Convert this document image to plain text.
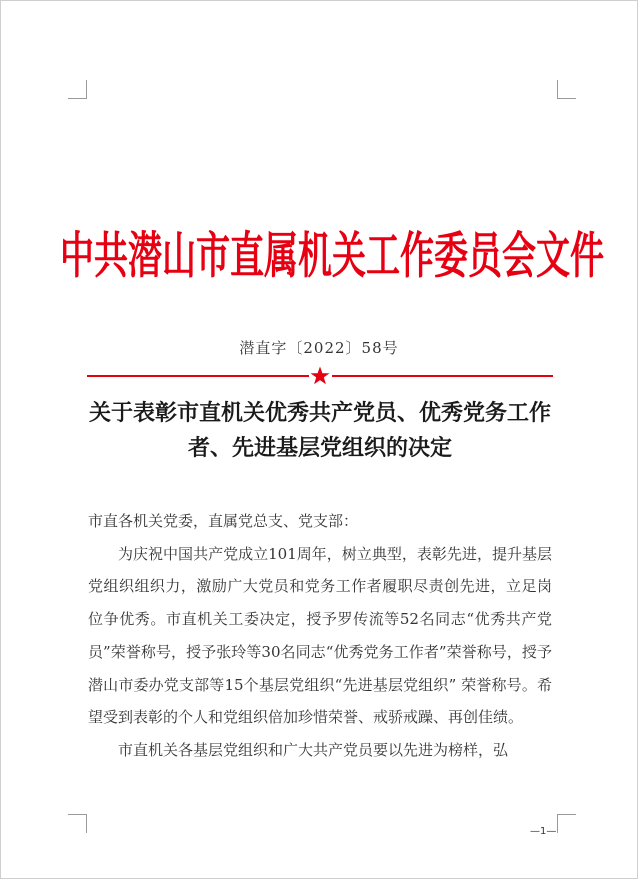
中共潜山市直属机关工作委员会文件
潜直字〔2022〕58号
关于表彰市直机关优秀共产党员、优秀党务工作者、先进基层党组织的决定

市直各机关党委，直属党总支、党支部：

为庆祝中国共产党成立101周年，树立典型，表彰先进，提升基层党组织组织力，激励广大党员和党务工作者履职尽责创先进，立足岗位争优秀。市直机关工委决定，授予罗传流等52名同志“优秀共产党员”荣誉称号，授予张玲等30名同志“优秀党务工作者”荣誉称号，授予潜山市委办党支部等15个基层党组织“先进基层党组织” 荣誉称号。希望受到表彰的个人和党组织倍加珍惜荣誉、戒骄戒躁、再创佳绩。

市直机关各基层党组织和广大共产党员要以先进为榜样，弘

—1—
